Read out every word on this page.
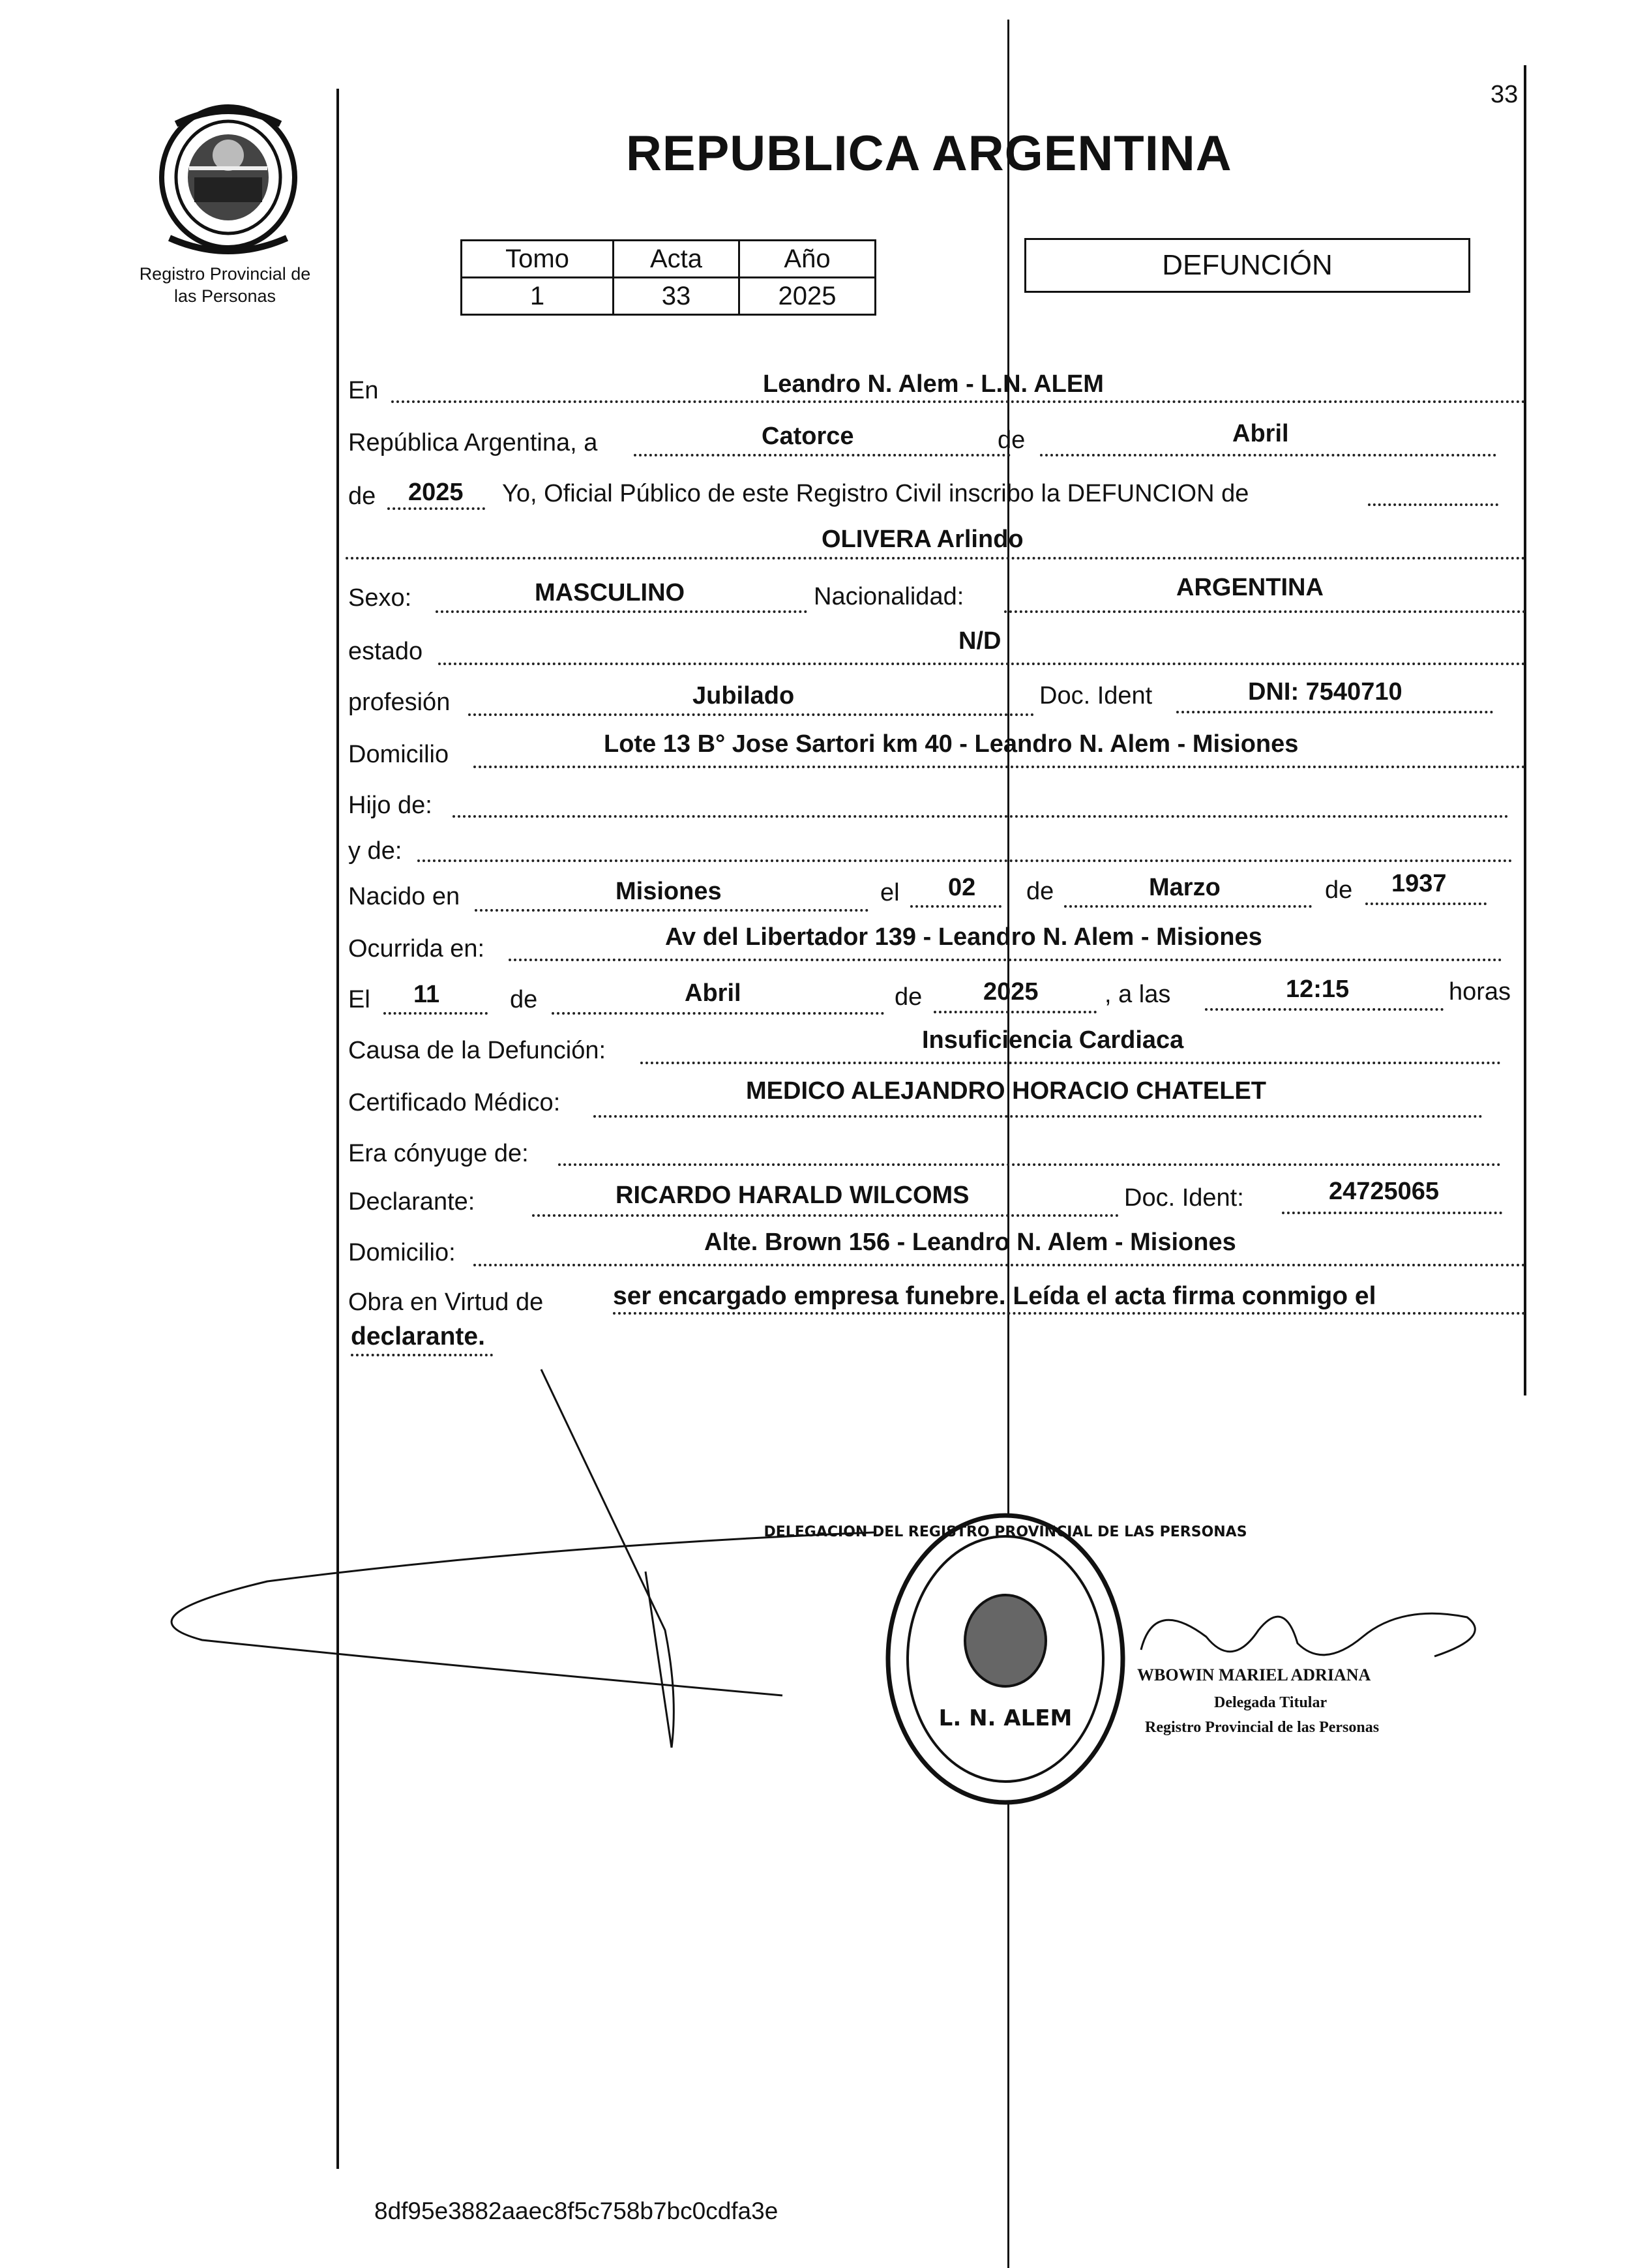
Registro Provincial de
las Personas
REPUBLICA ARGENTINA
33
Tomo	Acta	Año
1	33	2025
DEFUNCIÓN
En	Leandro N. Alem - L.N. ALEM
República Argentina, a	Catorce	de	Abril
de 2025 Yo, Oficial Público de este Registro Civil inscribo la DEFUNCION de
OLIVERA Arlindo
Sexo:	MASCULINO	Nacionalidad:	ARGENTINA
estado	N/D
profesión	Jubilado	Doc. Ident	DNI: 7540710
Domicilio	Lote 13 B° Jose Sartori km 40 - Leandro N. Alem - Misiones
Hijo de:
y de:
Nacido en	Misiones	el 02 de	Marzo	de 1937
Ocurrida en:	Av del Libertador 139 - Leandro N. Alem - Misiones
El 11	de	Abril	de 2025	, a las	12:15	horas
Causa de la Defunción:	Insuficiencia Cardiaca
Certificado Médico:	MEDICO ALEJANDRO HORACIO CHATELET
Era cónyuge de:
Declarante:	RICARDO HARALD WILCOMS	Doc. Ident:	24725065
Domicilio:	Alte. Brown 156 - Leandro N. Alem - Misiones
Obra en Virtud de	ser encargado empresa funebre. Leída el acta firma conmigo el
declarante.
DELEGACION DEL REGISTRO PROVINCIAL DE LAS PERSONAS
L. N. ALEM
WBOWIN MARIEL ADRIANA
Delegada Titular
Registro Provincial de las Personas
8df95e3882aaec8f5c758b7bc0cdfa3e
